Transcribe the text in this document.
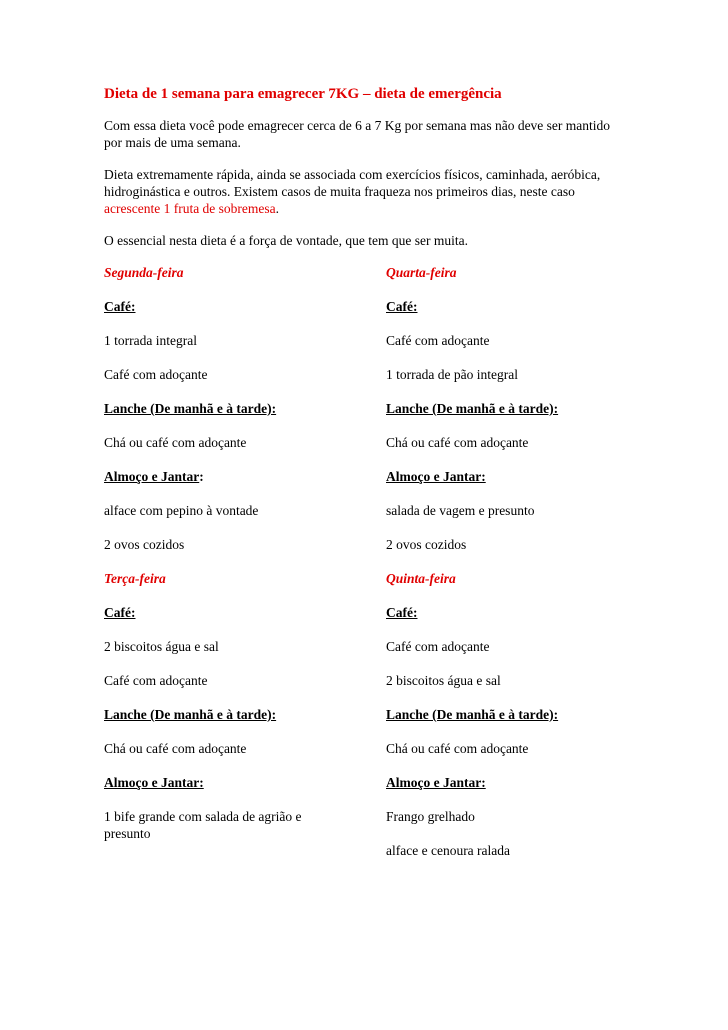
Dieta de 1 semana para emagrecer 7KG – dieta de emergência

Com essa dieta você pode emagrecer cerca de 6 a 7 Kg por semana mas não deve ser mantido por mais de uma semana.

Dieta extremamente rápida, ainda se associada com exercícios físicos, caminhada, aeróbica, hidroginástica e outros. Existem casos de muita fraqueza nos primeiros dias, neste caso acrescente 1 fruta de sobremesa.

O essencial nesta dieta é a força de vontade, que tem que ser muita.

Segunda-feira
Café:
1 torrada integral
Café com adoçante
Lanche (De manhã e à tarde):
Chá ou café com adoçante
Almoço e Jantar:
alface com pepino à vontade
2 ovos cozidos
Terça-feira
Café:
2 biscoitos água e sal
Café com adoçante
Lanche (De manhã e à tarde):
Chá ou café com adoçante
Almoço e Jantar:
1 bife grande com salada de agrião e presunto
Quarta-feira
Café:
Café com adoçante
1 torrada de pão integral
Lanche (De manhã e à tarde):
Chá ou café com adoçante
Almoço e Jantar:
salada de vagem e presunto
2 ovos cozidos
Quinta-feira
Café:
Café com adoçante
2 biscoitos água e sal
Lanche (De manhã e à tarde):
Chá ou café com adoçante
Almoço e Jantar:
Frango grelhado
alface e cenoura ralada
